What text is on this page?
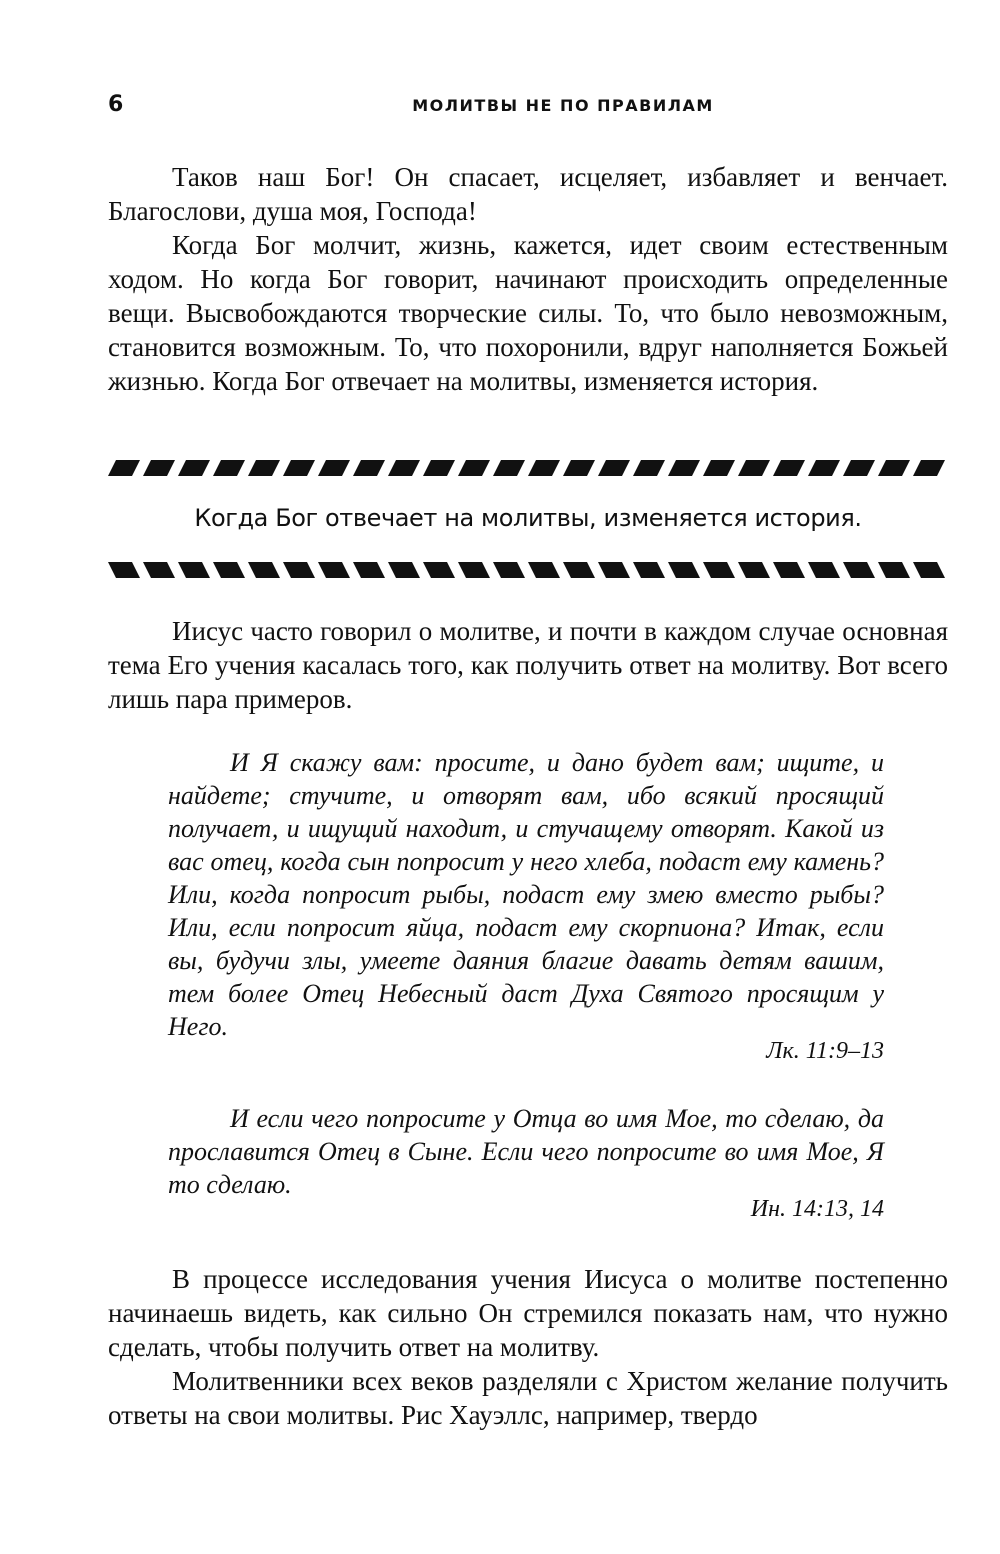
6	МОЛИТВЫ НЕ ПО ПРАВИЛАМ

Таков наш Бог! Он спасает, исцеляет, избавляет и венчает. Благослови, душа моя, Господа!

Когда Бог молчит, жизнь, кажется, идет своим естественным ходом. Но когда Бог говорит, начинают происходить определенные вещи. Высвобождаются творческие силы. То, что было невозможным, становится возможным. То, что похоронили, вдруг наполняется Божьей жизнью. Когда Бог отвечает на молитвы, изменяется история.

Когда Бог отвечает на молитвы, изменяется история.

Иисус часто говорил о молитве, и почти в каждом случае основная тема Его учения касалась того, как получить ответ на молитву. Вот всего лишь пара примеров.

И Я скажу вам: просите, и дано будет вам; ищите, и найдете; стучите, и отворят вам, ибо всякий просящий получает, и ищущий находит, и стучащему отворят. Какой из вас отец, когда сын попросит у него хлеба, подаст ему камень? Или, когда попросит рыбы, подаст ему змею вместо рыбы? Или, если попросит яйца, подаст ему скорпиона? Итак, если вы, будучи злы, умеете даяния благие давать детям вашим, тем более Отец Небесный даст Духа Святого просящим у Него.

Лк. 11:9–13

И если чего попросите у Отца во имя Мое, то сделаю, да прославится Отец в Сыне. Если чего попросите во имя Мое, Я то сделаю.

Ин. 14:13, 14

В процессе исследования учения Иисуса о молитве постепенно начинаешь видеть, как сильно Он стремился показать нам, что нужно сделать, чтобы получить ответ на молитву.

Молитвенники всех веков разделяли с Христом желание получить ответы на свои молитвы. Рис Хауэллс, например, твердо
